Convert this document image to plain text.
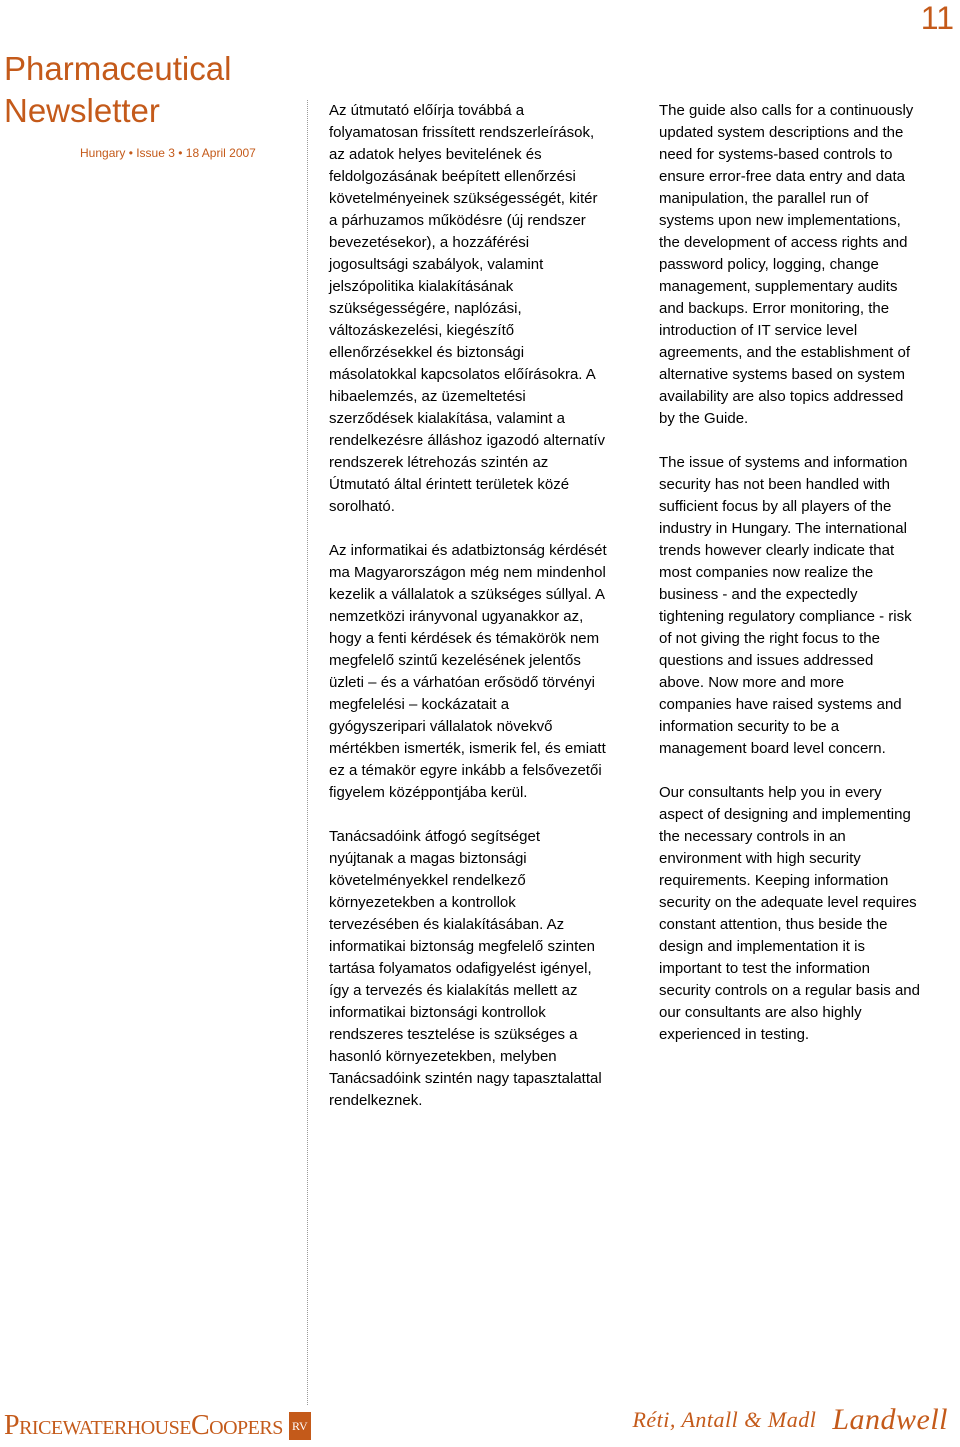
11
Pharmaceutical Newsletter
Hungary • Issue 3 • 18 April 2007

Az útmutató előírja továbbá a
folyamatosan frissített rendszerleírások,
az adatok helyes bevitelének és
feldolgozásának beépített ellenőrzési
követelményeinek szükségességét, kitér
a párhuzamos működésre (új rendszer
bevezetésekor), a hozzáférési
jogosultsági szabályok, valamint
jelszópolitika kialakításának
szükségességére, naplózási,
változáskezelési, kiegészítő
ellenőrzésekkel és biztonsági
másolatokkal kapcsolatos előírásokra. A
hibaelemzés, az üzemeltetési
szerződések kialakítása, valamint a
rendelkezésre álláshoz igazodó alternatív
rendszerek létrehozás szintén az
Útmutató által érintett területek közé
sorolható.

Az informatikai és adatbiztonság kérdését
ma Magyarországon még nem mindenhol
kezelik a vállalatok a szükséges súllyal. A
nemzetközi irányvonal ugyanakkor az,
hogy a fenti kérdések és témakörök nem
megfelelő szintű kezelésének jelentős
üzleti – és a várhatóan erősödő törvényi
megfelelési – kockázatait a
gyógyszeripari vállalatok növekvő
mértékben ismerték, ismerik fel, és emiatt
ez a témakör egyre inkább a felsővezetői
figyelem középpontjába kerül.

Tanácsadóink átfogó segítséget
nyújtanak a magas biztonsági
követelményekkel rendelkező
környezetekben a kontrollok
tervezésében és kialakításában. Az
informatikai biztonság megfelelő szinten
tartása folyamatos odafigyelést igényel,
így a tervezés és kialakítás mellett az
informatikai biztonsági kontrollok
rendszeres tesztelése is szükséges a
hasonló környezetekben, melyben
Tanácsadóink szintén nagy tapasztalattal
rendelkeznek.

The guide also calls for a continuously
updated system descriptions and the
need for systems-based controls to
ensure error-free data entry and data
manipulation, the parallel run of
systems upon new implementations,
the development of access rights and
password policy, logging, change
management, supplementary audits
and backups. Error monitoring, the
introduction of IT service level
agreements, and the establishment of
alternative systems based on system
availability are also topics addressed
by the Guide.

The issue of systems and information
security has not been handled with
sufficient focus by all players of the
industry in Hungary. The international
trends however clearly indicate that
most companies now realize the
business - and the expectedly
tightening regulatory compliance - risk
of not giving the right focus to the
questions and issues addressed
above. Now more and more
companies have raised systems and
information security to be a
management board level concern.

Our consultants help you in every
aspect of designing and implementing
the necessary controls in an
environment with high security
requirements. Keeping information
security on the adequate level requires
constant attention, thus beside the
design and implementation it is
important to test the information
security controls on a regular basis and
our consultants are also highly
experienced in testing.

PricewaterhouseCoopers RV	Réti, Antall & Madl Landwell
